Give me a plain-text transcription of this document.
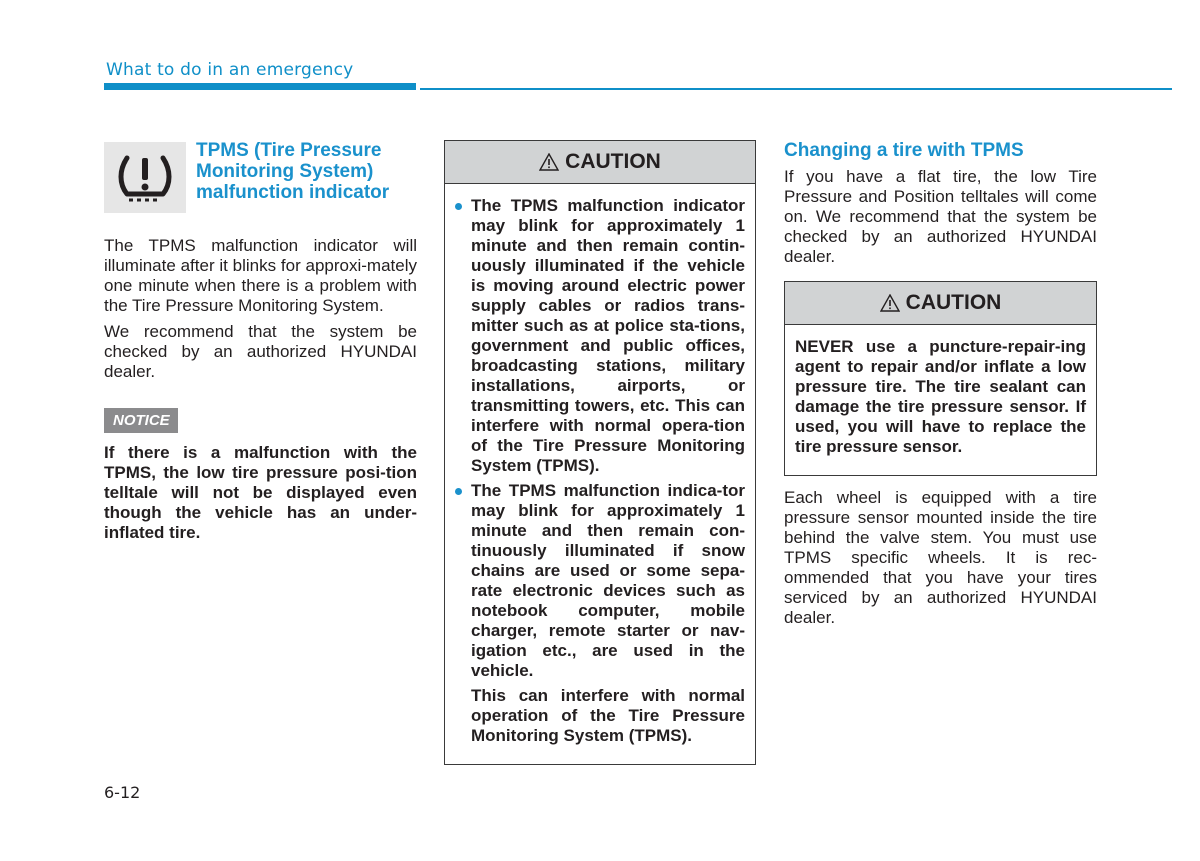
What to do in an emergency
TPMS (Tire Pressure Monitoring System) malfunction indicator

The TPMS malfunction indicator will illuminate after it blinks for approxi-mately one minute when there is a problem with the Tire Pressure Monitoring System.

We recommend that the system be checked by an authorized HYUNDAI dealer.

NOTICE

If there is a malfunction with the TPMS, the low tire pressure posi-tion telltale will not be displayed even though the vehicle has an under-inflated tire.

CAUTION

The TPMS malfunction indicator may blink for approximately 1 minute and then remain contin-uously illuminated if the vehicle is moving around electric power supply cables or radios trans-mitter such as at police sta-tions, government and public offices, broadcasting stations, military installations, airports, or transmitting towers, etc. This can interfere with normal opera-tion of the Tire Pressure Monitoring System (TPMS).

The TPMS malfunction indica-tor may blink for approximately 1 minute and then remain con-tinuously illuminated if snow chains are used or some sepa-rate electronic devices such as notebook computer, mobile charger, remote starter or nav-igation etc., are used in the vehicle.

This can interfere with normal operation of the Tire Pressure Monitoring System (TPMS).

Changing a tire with TPMS

If you have a flat tire, the low Tire Pressure and Position telltales will come on. We recommend that the system be checked by an authorized HYUNDAI dealer.

CAUTION

NEVER use a puncture-repair-ing agent to repair and/or inflate a low pressure tire. The tire sealant can damage the tire pressure sensor. If used, you will have to replace the tire pressure sensor.

Each wheel is equipped with a tire pressure sensor mounted inside the tire behind the valve stem. You must use TPMS specific wheels. It is rec-ommended that you have your tires serviced by an authorized HYUNDAI dealer.

6-12
